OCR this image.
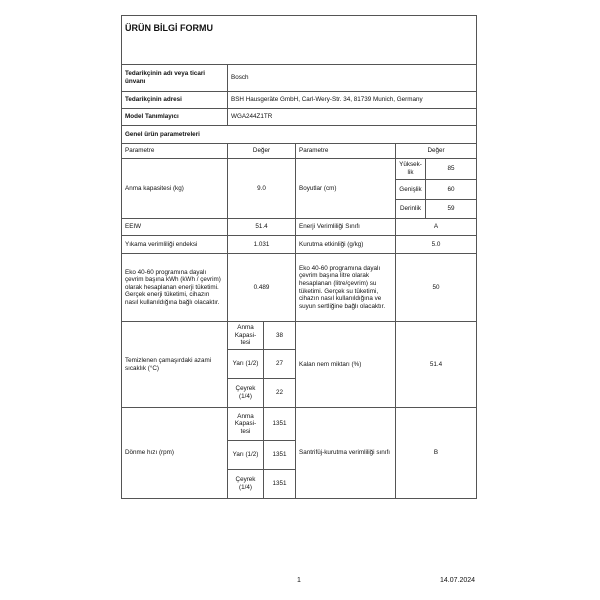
ÜRÜN BİLGİ FORMU					
Tedarikçinin adı veya ticari ünvanı	Bosch				
Tedarikçinin adresi	BSH Hausgeräte GmbH, Carl-Wery-Str. 34, 81739 Munich, Germany				
Model Tanımlayıcı	WGA244Z1TR				
Genel ürün parametreleri					
Parametre	Değer		Parametre	Değer	
Anma kapasitesi (kg)	9.0		Boyutlar (cm)	Yüksek-lik	85
				Genişlik	60
				Derinlik	59
EEIW	51.4		Enerji Verimliliği Sınıfı	A	
Yıkama verimliliği endeksi	1.031		Kurutma etkinliği (g/kg)	5.0	
Eko 40-60 programına dayalı çevrim başına kWh (kWh / çevrim) olarak hesaplanan enerji tüketimi. Gerçek enerji tüketimi, cihazın nasıl kullanıldığına bağlı olacaktır.	0.489		Eko 40-60 programına dayalı çevrim başına litre olarak hesaplanan (litre/çevrim) su tüketimi. Gerçek su tüketimi, cihazın nasıl kullanıldığına ve suyun sertliğine bağlı olacaktır.	50	
Temizlenen çamaşırdaki azami sıcaklık (°C)	Anma Kapasi-tesi	38	Kalan nem miktarı (%)	51.4	
	Yarı (1/2)	27			
	Çeyrek (1/4)	22			
Dönme hızı (rpm)	Anma Kapasi-tesi	1351	Santrifüj-kurutma verimliliği sınıfı	B	
	Yarı (1/2)	1351			
	Çeyrek (1/4)	1351			
1	14.07.2024
